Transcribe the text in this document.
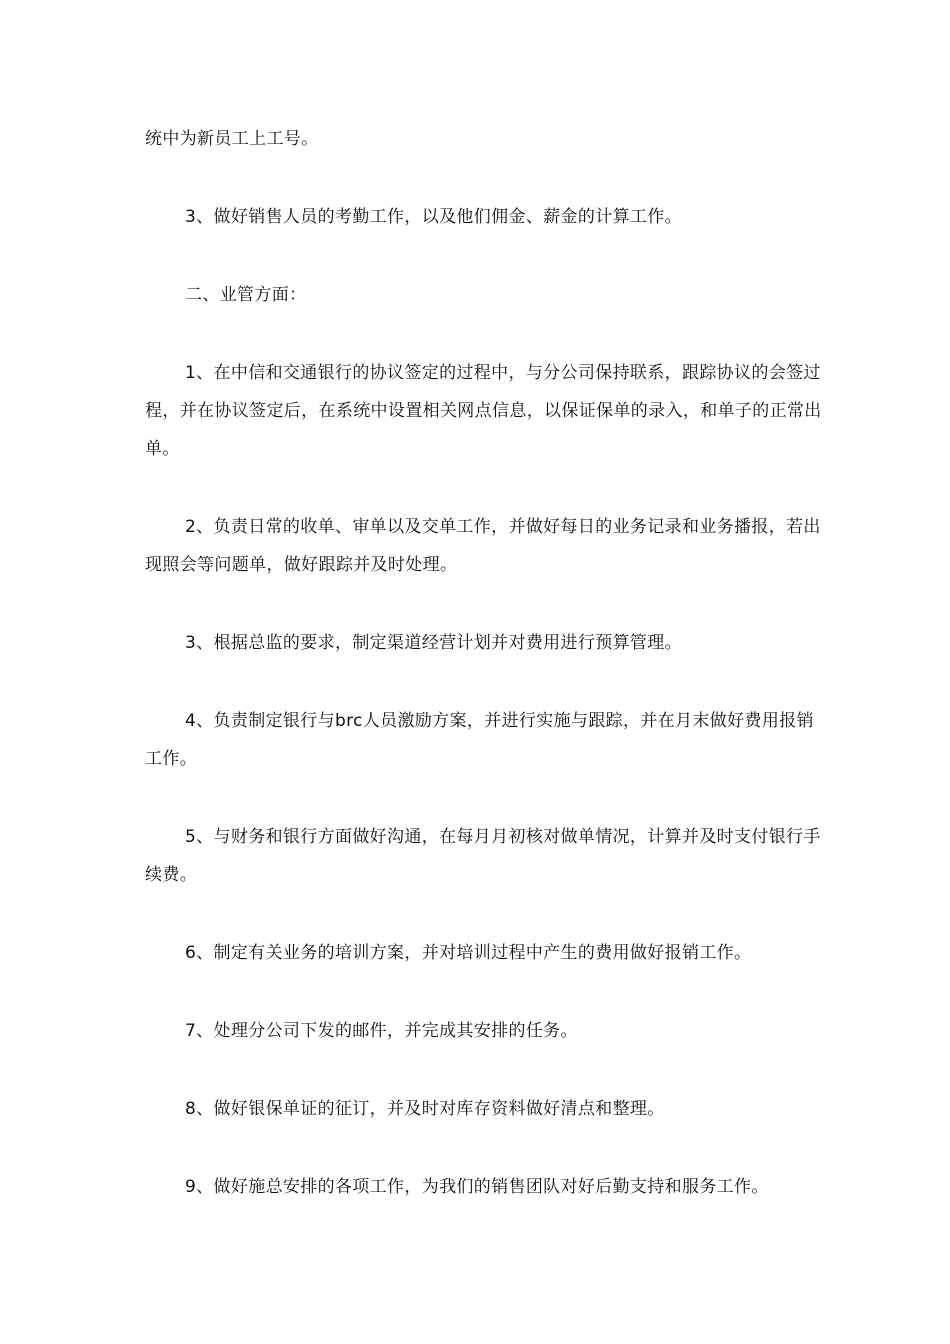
统中为新员工上工号。

3、做好销售人员的考勤工作，以及他们佣金、薪金的计算工作。

二、业管方面：

1、在中信和交通银行的协议签定的过程中，与分公司保持联系，跟踪协议的会签过程，并在协议签定后，在系统中设置相关网点信息，以保证保单的录入，和单子的正常出单。

2、负责日常的收单、审单以及交单工作，并做好每日的业务记录和业务播报，若出现照会等问题单，做好跟踪并及时处理。

3、根据总监的要求，制定渠道经营计划并对费用进行预算管理。

4、负责制定银行与brc人员激励方案，并进行实施与跟踪，并在月末做好费用报销工作。

5、与财务和银行方面做好沟通，在每月月初核对做单情况，计算并及时支付银行手续费。

6、制定有关业务的培训方案，并对培训过程中产生的费用做好报销工作。

7、处理分公司下发的邮件，并完成其安排的任务。

8、做好银保单证的征订，并及时对库存资料做好清点和整理。

9、做好施总安排的各项工作，为我们的销售团队对好后勤支持和服务工作。
